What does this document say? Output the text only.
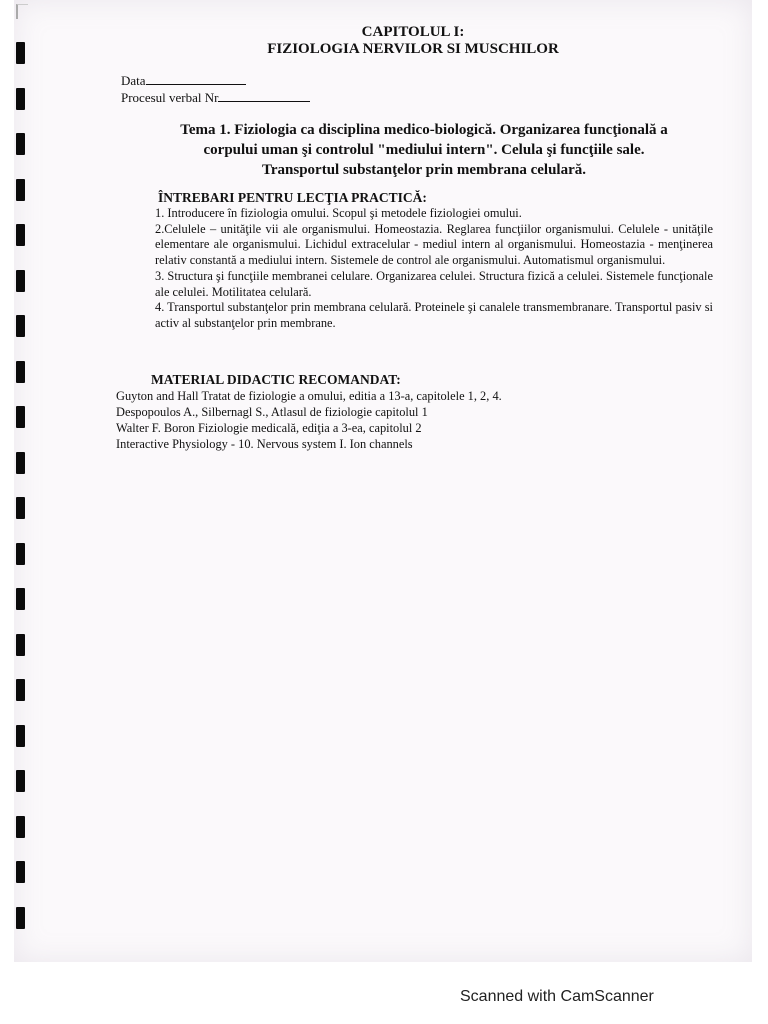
CAPITOLUL I:
FIZIOLOGIA NERVILOR SI MUSCHILOR
Data
Procesul verbal Nr
Tema 1. Fiziologia ca disciplina medico-biologică. Organizarea funcţională a
corpului uman şi controlul "mediului intern". Celula şi funcţiile sale.
Transportul substanţelor prin membrana celulară.
ÎNTREBARI PENTRU LECŢIA PRACTICĂ:

1. Introducere în fiziologia omului. Scopul şi metodele fiziologiei omului.

2.Celulele – unităţile vii ale organismului. Homeostazia. Reglarea funcţiilor organismului. Celulele - unităţile elementare ale organismului. Lichidul extracelular - mediul intern al organismului. Homeostazia - menţinerea relativ constantă a mediului intern. Sistemele de control ale organismului. Automatismul organismului.

3. Structura şi funcţiile membranei celulare. Organizarea celulei. Structura fizică a celulei. Sistemele funcţionale ale celulei. Motilitatea celulară.

4. Transportul substanţelor prin membrana celulară. Proteinele şi canalele transmembranare. Transportul pasiv si activ al substanţelor prin membrane.

MATERIAL DIDACTIC RECOMANDAT:
Guyton and Hall Tratat de fiziologie a omului, editia a 13-a, capitolele 1, 2, 4.
Despopoulos A., Silbernagl S., Atlasul de fiziologie capitolul 1
Walter F. Boron Fiziologie medicală, ediţia a 3-ea, capitolul 2
Interactive Physiology - 10. Nervous system I. Ion channels
Scanned with CamScanner
